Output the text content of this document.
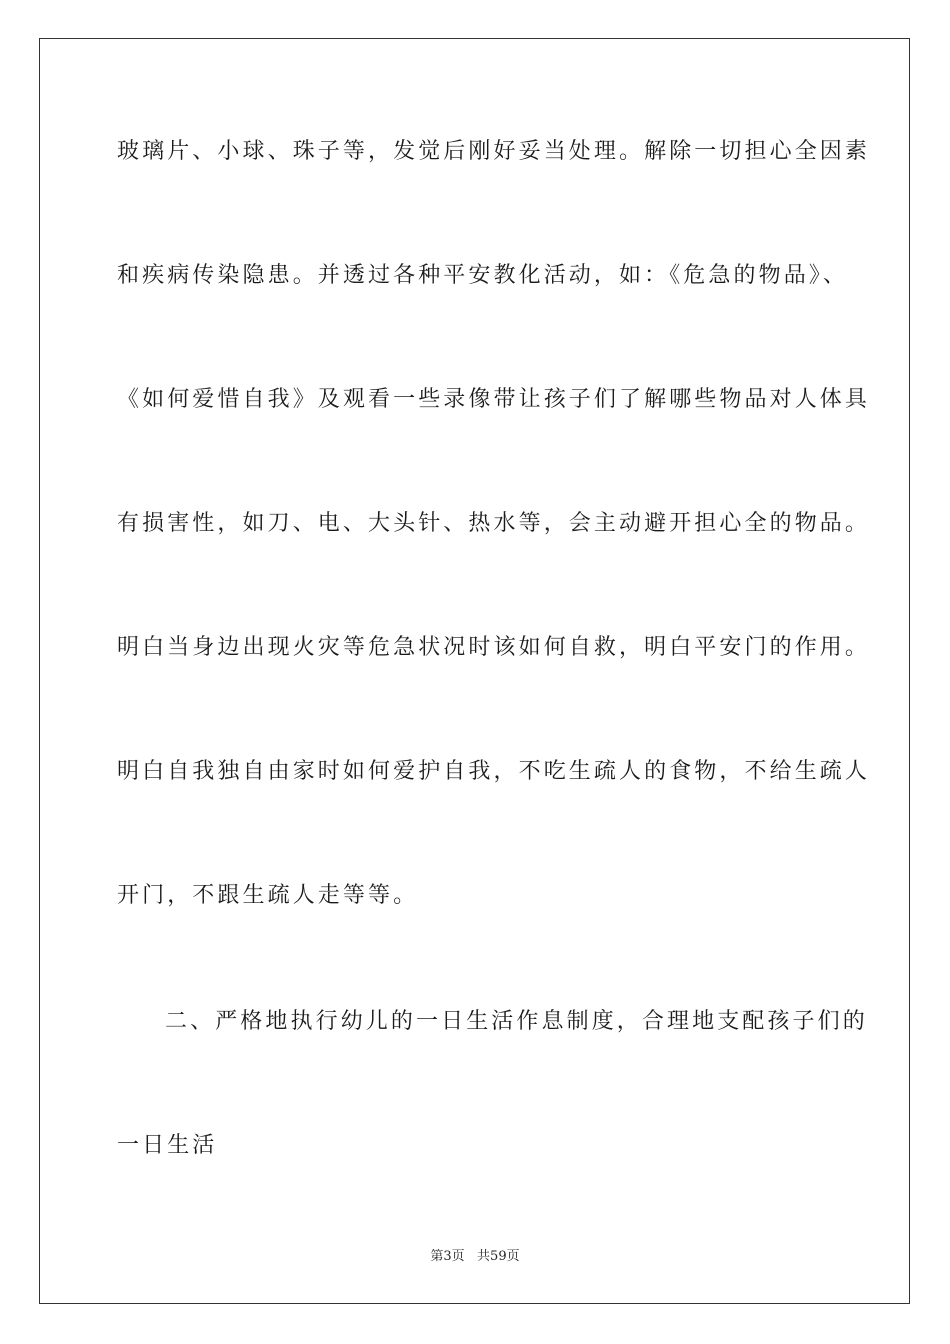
玻璃片、小球、珠子等，发觉后刚好妥当处理。解除一切担心全因素
和疾病传染隐患。并透过各种平安教化活动，如：《危急的物品》、
《如何爱惜自我》及观看一些录像带让孩子们了解哪些物品对人体具
有损害性，如刀、电、大头针、热水等，会主动避开担心全的物品。
明白当身边出现火灾等危急状况时该如何自救，明白平安门的作用。
明白自我独自由家时如何爱护自我，不吃生疏人的食物，不给生疏人
开门，不跟生疏人走等等。
二、严格地执行幼儿的一日生活作息制度，合理地支配孩子们的
一日生活
第3页   共59页
